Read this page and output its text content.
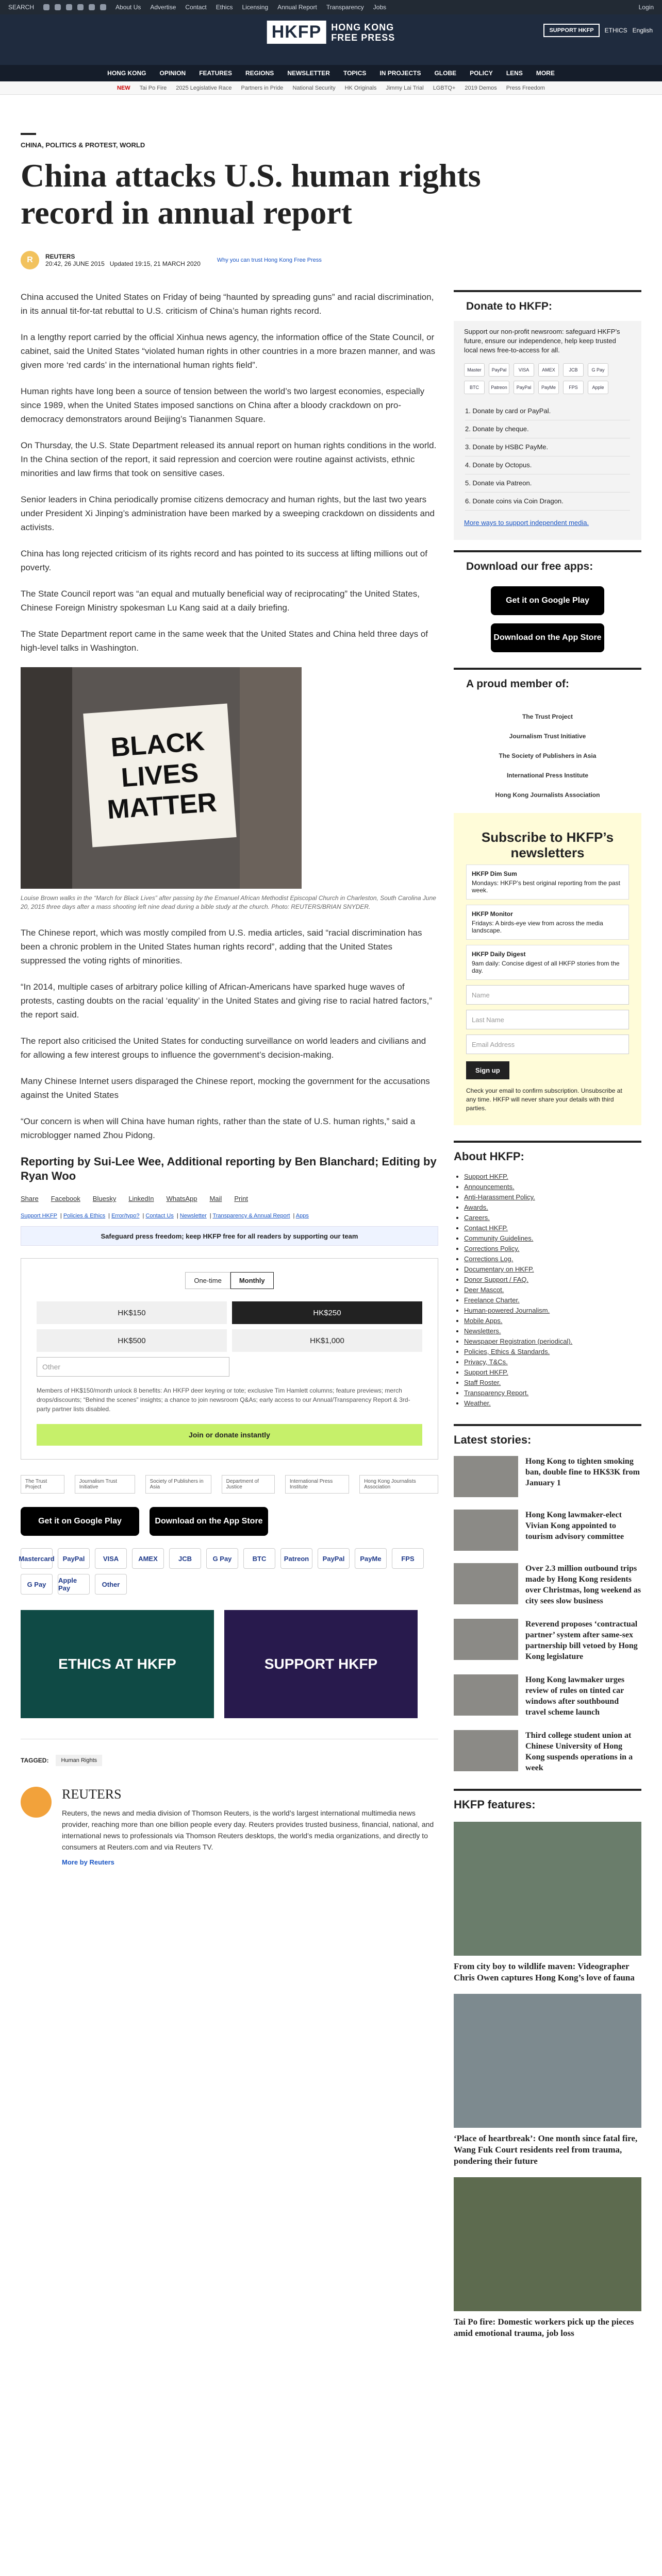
SEARCH	About Us Advertise Contact Ethics Licensing Annual Report Transparency Jobs	Login
HKFP	HONG KONG
FREE PRESS
SUPPORT HKFP	ETHICS English
HONG KONG OPINION FEATURES REGIONS NEWSLETTER TOPICS IN PROJECTS GLOBE POLICY LENS MORE
NEW Tai Po Fire 2025 Legislative Race Partners in Pride National Security HK Originals Jimmy Lai Trial LGBTQ+ 2019 Demos Press Freedom
CHINA, POLITICS & PROTEST, WORLD
China attacks U.S. human rights record in annual report
R	REUTERS
20:42, 26 JUNE 2015 Updated 19:15, 21 MARCH 2020	Why you can trust Hong Kong Free Press

China accused the United States on Friday of being “haunted by spreading guns” and racial discrimination, in its annual tit-for-tat rebuttal to U.S. criticism of China’s human rights record.

In a lengthy report carried by the official Xinhua news agency, the information office of the State Council, or cabinet, said the United States “violated human rights in other countries in a more brazen manner, and was given more ‘red cards’ in the international human rights field”.

Human rights have long been a source of tension between the world’s two largest economies, especially since 1989, when the United States imposed sanctions on China after a bloody crackdown on pro-democracy demonstrators around Beijing’s Tiananmen Square.

On Thursday, the U.S. State Department released its annual report on human rights conditions in the world. In the China section of the report, it said repression and coercion were routine against activists, ethnic minorities and law firms that took on sensitive cases.

Senior leaders in China periodically promise citizens democracy and human rights, but the last two years under President Xi Jinping’s administration have been marked by a sweeping crackdown on dissidents and activists.

China has long rejected criticism of its rights record and has pointed to its success at lifting millions out of poverty.

The State Council report was “an equal and mutually beneficial way of reciprocating” the United States, Chinese Foreign Ministry spokesman Lu Kang said at a daily briefing.

The State Department report came in the same week that the United States and China held three days of high-level talks in Washington.

BLACK LIVES MATTER
Louise Brown walks in the “March for Black Lives” after passing by the Emanuel African Methodist Episcopal Church in Charleston, South Carolina June 20, 2015 three days after a mass shooting left nine dead during a bible study at the church. Photo: REUTERS/BRIAN SNYDER.

The Chinese report, which was mostly compiled from U.S. media articles, said “racial discrimination has been a chronic problem in the United States human rights record”, adding that the United States suppressed the voting rights of minorities.

“In 2014, multiple cases of arbitrary police killing of African-Americans have sparked huge waves of protests, casting doubts on the racial ‘equality’ in the United States and giving rise to racial hatred factors,” the report said.

The report also criticised the United States for conducting surveillance on world leaders and civilians and for allowing a few interest groups to influence the government’s decision-making.

Many Chinese Internet users disparaged the Chinese report, mocking the government for the accusations against the United States

“Our concern is when will China have human rights, rather than the state of U.S. human rights,” said a microblogger named Zhou Pidong.

Reporting by Sui-Lee Wee, Additional reporting by Ben Blanchard; Editing by Ryan Woo
Share Facebook Bluesky LinkedIn WhatsApp Mail Print
Support HKFP | Policies & Ethics | Error/typo? | Contact Us | Newsletter | Transparency & Annual Report | Apps
Safeguard press freedom; keep HKFP free for all readers by supporting our team
One-time	Monthly
HK$150	HK$250
HK$500	HK$1,000
Other
Members of HK$150/month unlock 8 benefits: An HKFP deer keyring or tote; exclusive Tim Hamlett columns; feature previews; merch drops/discounts; “Behind the scenes” insights; a chance to join newsroom Q&As; early access to our Annual/Transparency Report & 3rd-party partner lists disabled.
Join or donate instantly
The Trust Project
Journalism Trust Initiative
Society of Publishers in Asia
Department of Justice
International Press Institute
Hong Kong Journalists Association
Get it on Google Play	Download on the App Store
Mastercard	PayPal	VISA	AMEX	JCB	G Pay	BTC	Patreon	PayPal	PayMe	FPS
G Pay	Apple Pay	Other
ETHICS AT HKFP	SUPPORT HKFP
TAGGED:	Human Rights
REUTERS

Reuters, the news and media division of Thomson Reuters, is the world’s largest international multimedia news provider, reaching more than one billion people every day. Reuters provides trusted business, financial, national, and international news to professionals via Thomson Reuters desktops, the world’s media organizations, and directly to consumers at Reuters.com and via Reuters TV.

More by Reuters
Donate to HKFP:

Support our non-profit newsroom: safeguard HKFP’s future, ensure our independence, help keep trusted local news free-to-access for all.

Master	PayPal	VISA	AMEX	JCB	G Pay
BTC	Patreon	PayPal	PayMe	FPS	Apple
1. Donate by card or PayPal.
2. Donate by cheque.
3. Donate by HSBC PayMe.
4. Donate by Octopus.
5. Donate via Patreon.
6. Donate coins via Coin Dragon.
More ways to support independent media.
Download our free apps:
Get it on Google Play
Download on the App Store
A proud member of:
The Trust Project
Journalism Trust Initiative
The Society of Publishers in Asia
International Press Institute
Hong Kong Journalists Association
Subscribe to HKFP’s newsletters
HKFP Dim Sum
Mondays: HKFP’s best original reporting from the past week.
HKFP Monitor
Fridays: A birds-eye view from across the media landscape.
HKFP Daily Digest
9am daily: Concise digest of all HKFP stories from the day.
Name
Last Name
Email Address
Sign up

Check your email to confirm subscription. Unsubscribe at any time. HKFP will never share your details with third parties.

About HKFP:
• Support HKFP.
• Announcements.
• Anti-Harassment Policy.
• Awards.
• Careers.
• Contact HKFP.
• Community Guidelines.
• Corrections Policy.
• Corrections Log.
• Documentary on HKFP.
• Donor Support / FAQ.
• Deer Mascot.
• Freelance Charter.
• Human-powered Journalism.
• Mobile Apps.
• Newsletters.
• Newspaper Registration (periodical).
• Policies, Ethics & Standards.
• Privacy, T&Cs.
• Support HKFP.
• Staff Roster.
• Transparency Report.
• Weather.
Latest stories:
Hong Kong to tighten smoking ban, double fine to HK$3K from January 1
Hong Kong lawmaker-elect Vivian Kong appointed to tourism advisory committee
Over 2.3 million outbound trips made by Hong Kong residents over Christmas, long weekend as city sees slow business
Reverend proposes ‘contractual partner’ system after same-sex partnership bill vetoed by Hong Kong legislature
Hong Kong lawmaker urges review of rules on tinted car windows after southbound travel scheme launch
Third college student union at Chinese University of Hong Kong suspends operations in a week
HKFP features:
From city boy to wildlife maven: Videographer Chris Owen captures Hong Kong’s love of fauna
‘Place of heartbreak’: One month since fatal fire, Wang Fuk Court residents reel from trauma, pondering their future
Tai Po fire: Domestic workers pick up the pieces amid emotional trauma, job loss
